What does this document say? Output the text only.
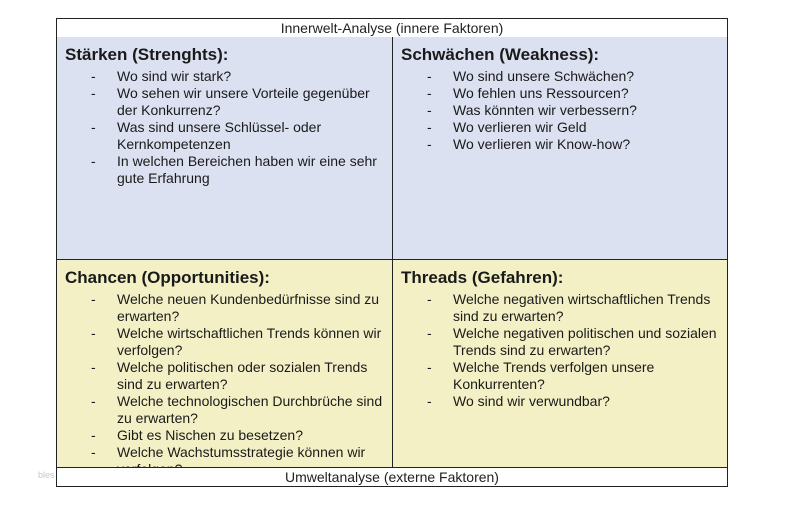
bles
Innerwelt-Analyse (innere Faktoren)
Stärken (Strenghts):
- Wo sind wir stark?
- Wo sehen wir unsere Vorteile gegenüber der Konkurrenz?
- Was sind unsere Schlüssel- oder Kernkompetenzen
- In welchen Bereichen haben wir eine sehr gute Erfahrung
Schwächen (Weakness):
- Wo sind unsere Schwächen?
- Wo fehlen uns Ressourcen?
- Was könnten wir verbessern?
- Wo verlieren wir Geld
- Wo verlieren wir Know-how?
Chancen (Opportunities):
- Welche neuen Kundenbedürfnisse sind zu erwarten?
- Welche wirtschaftlichen Trends können wir verfolgen?
- Welche politischen oder sozialen Trends sind zu erwarten?
- Welche technologischen Durchbrüche sind zu erwarten?
- Gibt es Nischen zu besetzen?
- Welche Wachstumsstrategie können wir
Threads (Gefahren):
- Welche negativen wirtschaftlichen Trends sind zu erwarten?
- Welche negativen politischen und sozialen Trends sind zu erwarten?
- Welche Trends verfolgen unsere Konkurrenten?
- Wo sind wir verwundbar?
Umweltanalyse (externe Faktoren)
